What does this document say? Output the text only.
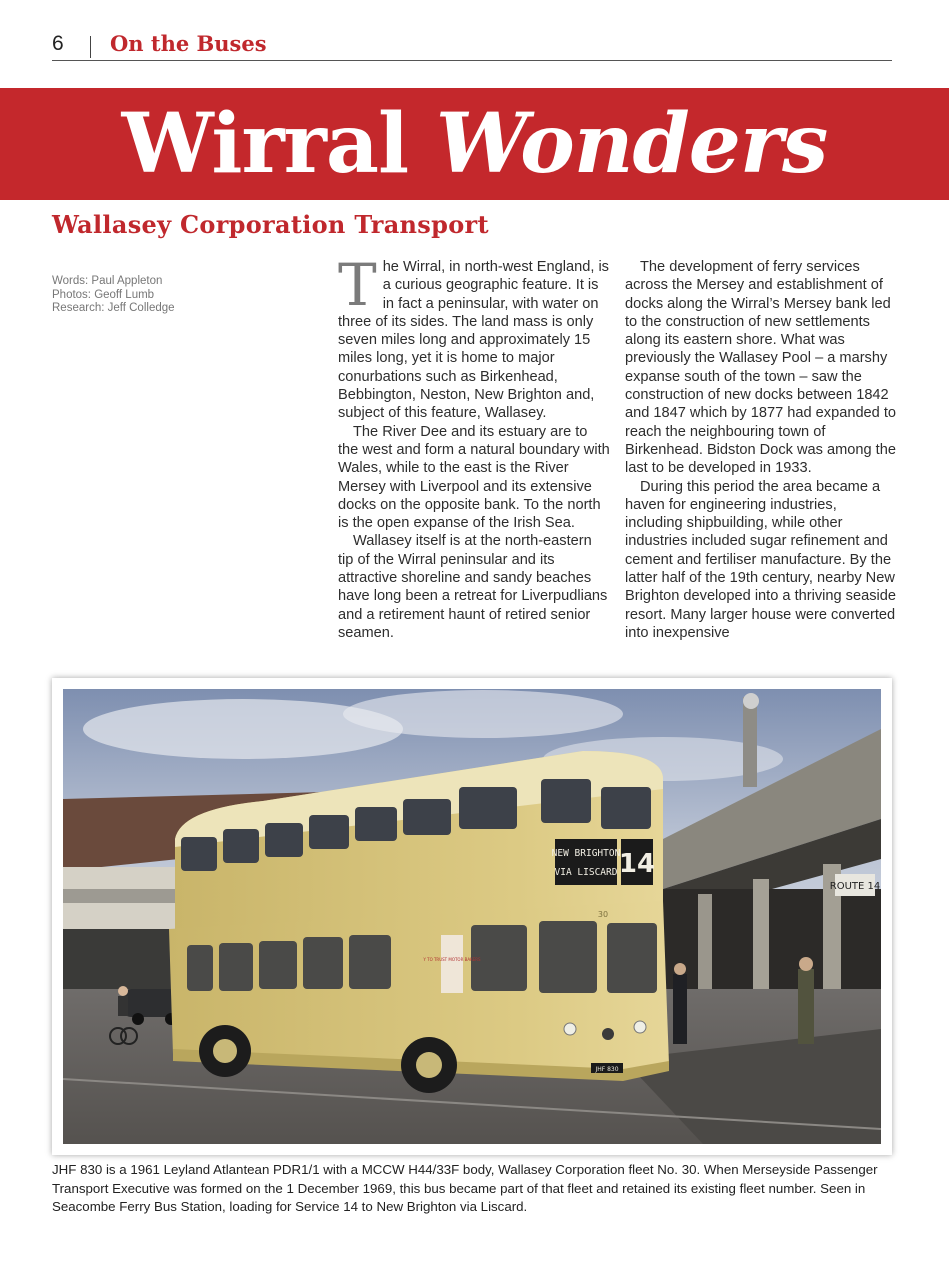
6 On the Buses
Wirral Wonders
Wallasey Corporation Transport
Words: Paul Appleton
Photos: Geoff Lumb
Research: Jeff Colledge	The Wirral, in north-west England, is a curious geographic feature. It is in fact a peninsular, with water on three of its sides. The land mass is only seven miles long and approximately 15 miles long, yet it is home to major conurbations such as Birkenhead, Bebbington, Neston, New Brighton and, subject of this feature, Wallasey.

The River Dee and its estuary are to the west and form a natural boundary with Wales, while to the east is the River Mersey with Liverpool and its extensive docks on the opposite bank. To the north is the open expanse of the Irish Sea.

Wallasey itself is at the north-eastern tip of the Wirral peninsular and its attractive shoreline and sandy beaches have long been a retreat for Liverpudlians and a retirement haunt of retired senior seamen.

The development of ferry services across the Mersey and establishment of docks along the Wirral’s Mersey bank led to the construction of new settlements along its eastern shore. What was previously the Wallasey Pool – a marshy expanse south of the town – saw the construction of new docks between 1842 and 1847 which by 1877 had expanded to reach the neighbouring town of Birkenhead. Bidston Dock was among the last to be developed in 1933.

During this period the area became a haven for engineering industries, including shipbuilding, while other industries included sugar refinement and cement and fertiliser manufacture. By the latter half of the 19th century, nearby New Brighton developed into a thriving seaside resort. Many larger house were converted into inexpensive

ROUTE 14
NEW BRIGHTON
VIA LISCARD 14
30
Y TO TRUST MOTOR BAKERS
JHF 830

JHF 830 is a 1961 Leyland Atlantean PDR1/1 with a MCCW H44/33F body, Wallasey Corporation fleet No. 30. When Merseyside Passenger Transport Executive was formed on the 1 December 1969, this bus became part of that fleet and retained its existing fleet number. Seen in Seacombe Ferry Bus Station, loading for Service 14 to New Brighton via Liscard.
